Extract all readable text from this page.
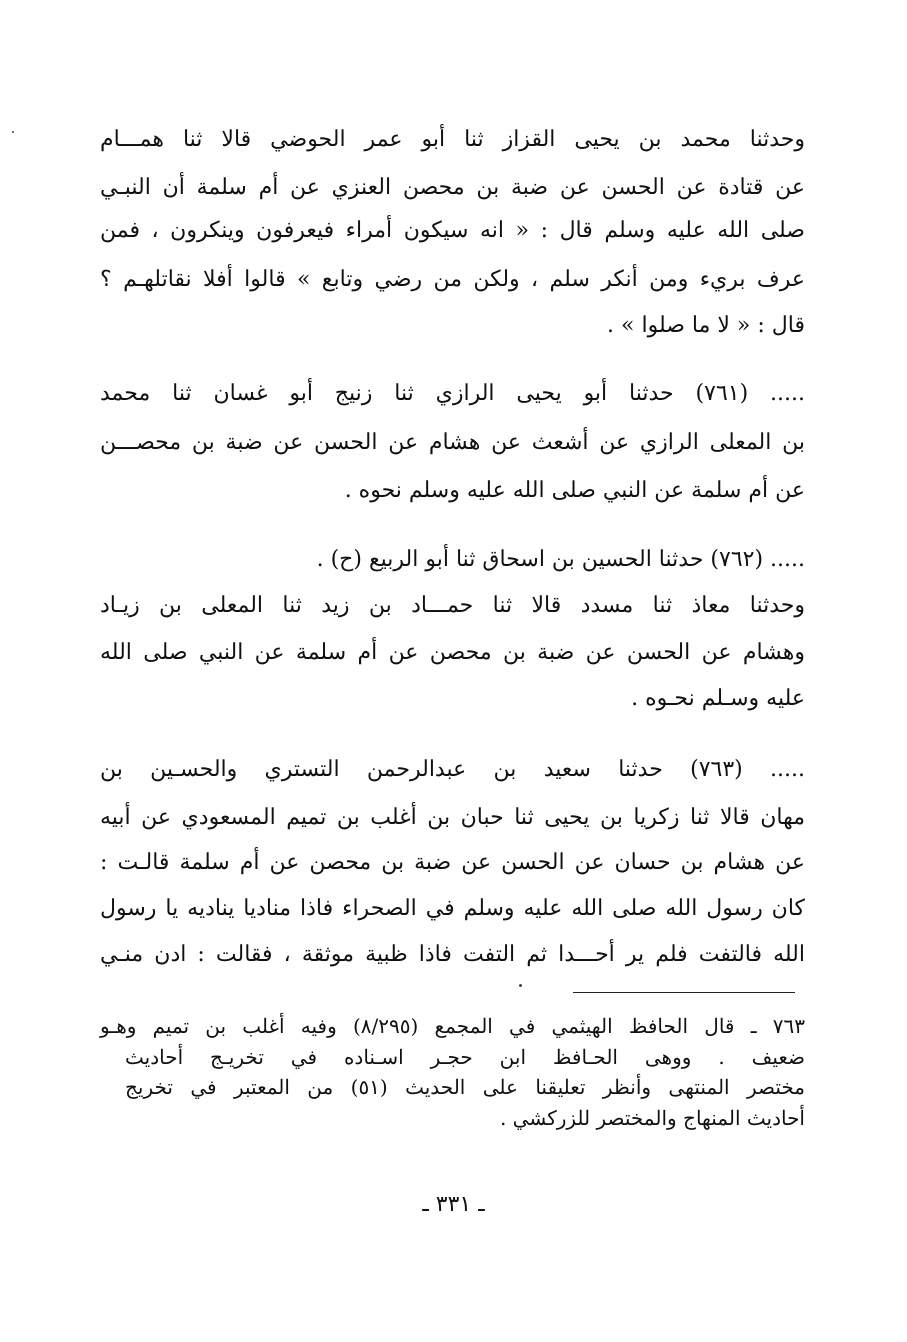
وحدثنا محمد بن يحيى القزاز ثنا أبو عمر الحوضي قالا ثنا همـــام
عن قتادة عن الحسن عن ضبة بن محصن العنزي عن أم سلمة أن النبـي
صلى الله عليه وسلم قال : « انه سيكون أمراء فيعرفون وينكرون ، فمن
عرف بريء ومن أنكر سلم ، ولكن من رضي وتابع » قالوا أفلا نقاتلهـم ؟
قال : « لا ما صلوا » .
..... (٧٦١) حدثنا أبو يحيى الرازي ثنا زنيج أبو غسان ثنا محمد
بن المعلى الرازي عن أشعث عن هشام عن الحسن عن ضبة بن محصـــن
عن أم سلمة عن النبي صلى الله عليه وسلم نحوه .
..... (٧٦٢) حدثنا الحسين بن اسحاق ثنا أبو الربيع (ح) .
وحدثنا معاذ ثنا مسدد قالا ثنا حمـــاد بن زيد ثنا المعلى بن زيـاد
وهشام عن الحسن عن ضبة بن محصن عن أم سلمة عن النبي صلى الله
عليه وسـلم نحـوه .
..... (٧٦٣) حدثنا سعيد بن عبدالرحمن التستري والحسـين بن
مهان قالا ثنا زكريا بن يحيى ثنا حبان بن أغلب بن تميم المسعودي عن أبيه
عن هشام بن حسان عن الحسن عن ضبة بن محصن عن أم سلمة قالـت :
كان رسول الله صلى الله عليه وسلم في الصحراء فاذا مناديا يناديه يا رسول
الله فالتفت فلم ير أحـــدا ثم التفت فاذا ظبية موثقة ، فقالت : ادن منـي
٧٦٣ ـ قال الحافظ الهيثمي في المجمع (٨/٢٩٥) وفيه أغلب بن تميم وهـو
ضعيف . ووهى الحـافظ ابن حجـر اسـناده في تخريـج أحاديث
مختصر المنتهى وأنظر تعليقنا على الحديث (٥١) من المعتبر في تخريج
أحاديث المنهاج والمختصر للزركشي .
ـ ٣٣١ ـ
